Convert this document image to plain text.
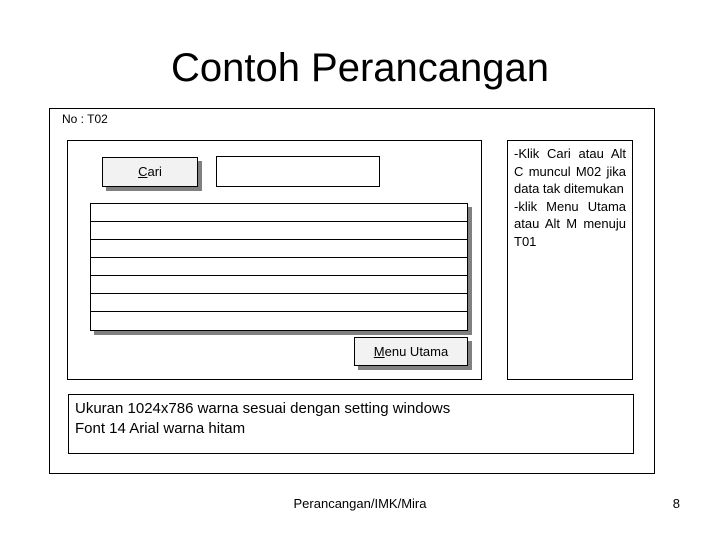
Contoh Perancangan
No : T02
Cari
Menu Utama
-Klik Cari atau Alt C muncul M02 jika data tak ditemukan
-klik Menu Utama atau Alt M menuju T01
Ukuran 1024x786 warna sesuai dengan setting windows
Font 14 Arial warna hitam
Perancangan/IMK/Mira	8
